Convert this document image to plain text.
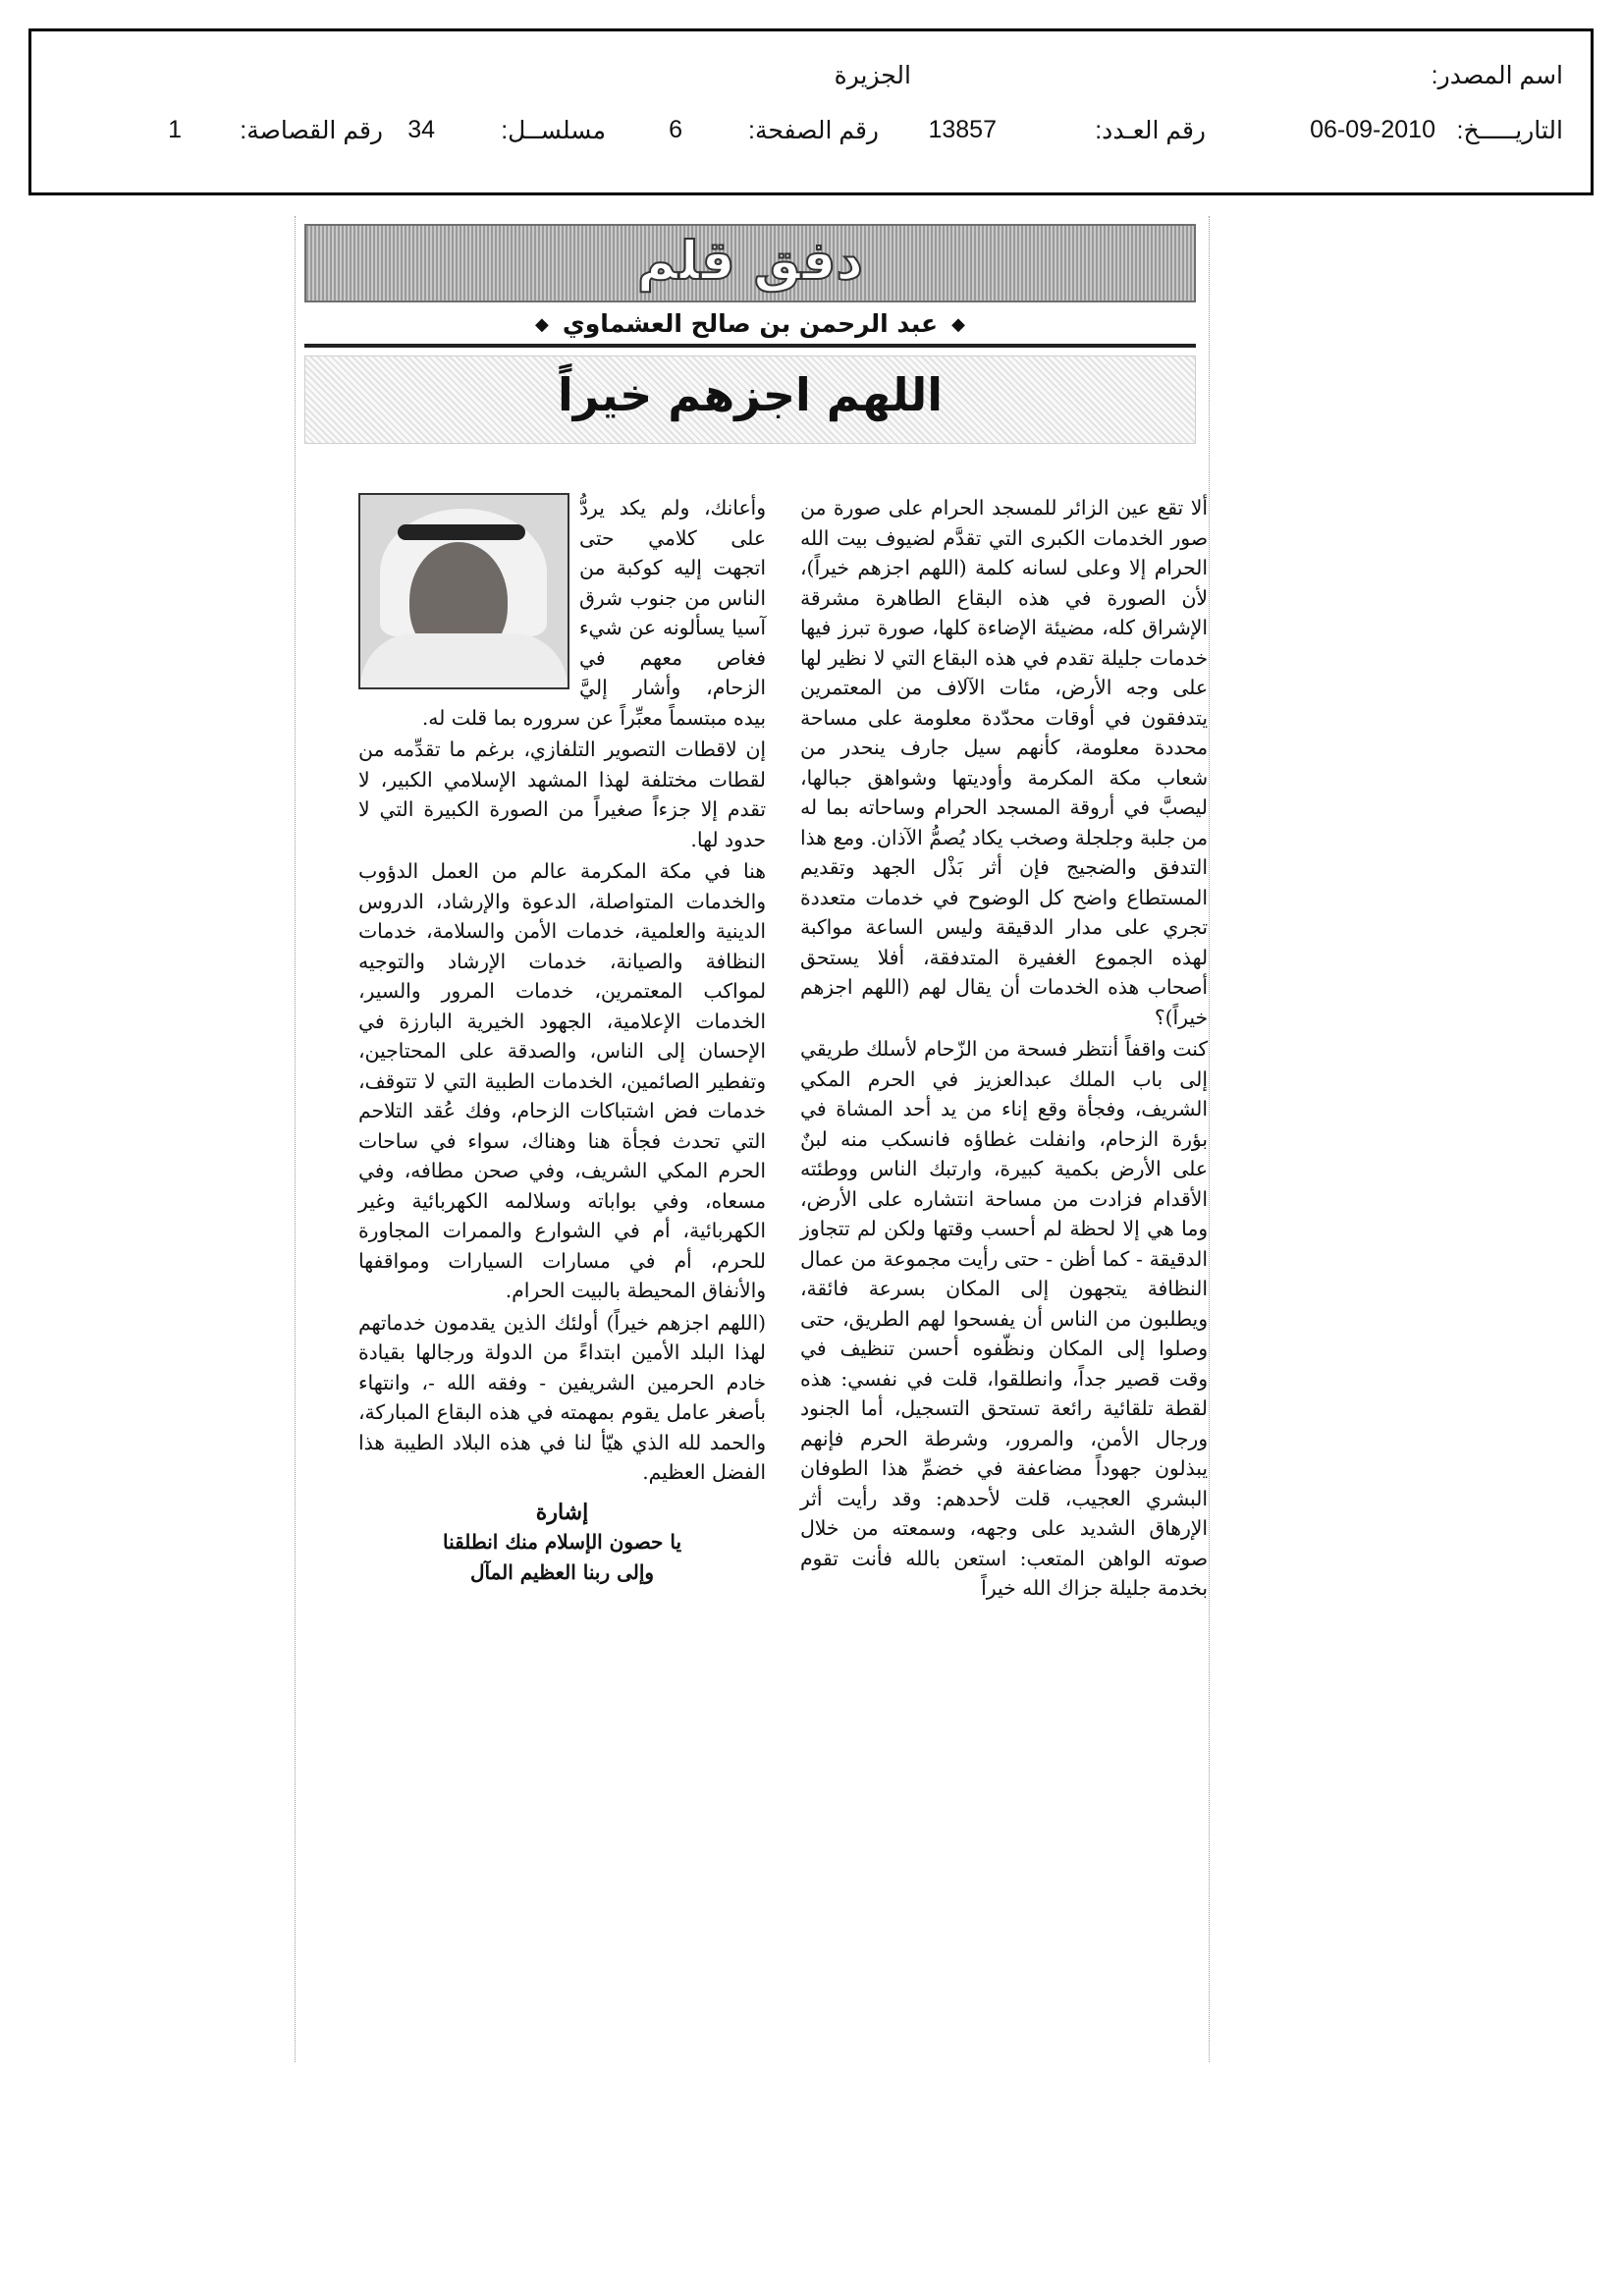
اسم المصدر:
الجزيرة
التاريـــــخ:
06-09-2010
رقم العـدد:
13857
رقم الصفحة:
6
مسلســل:
34
رقم القصاصة:
1
دفق قلم
◆عبد الرحمن بن صالح العشماوي◆
اللهم اجزهم خيراً

ألا تقع عين الزائر للمسجد الحرام على صورة من صور الخدمات الكبرى التي تقدَّم لضيوف بيت الله الحرام إلا وعلى لسانه كلمة (اللهم اجزهم خيراً)، لأن الصورة في هذه البقاع الطاهرة مشرقة الإشراق كله، مضيئة الإضاءة كلها، صورة تبرز فيها خدمات جليلة تقدم في هذه البقاع التي لا نظير لها على وجه الأرض، مئات الآلاف من المعتمرين يتدفقون في أوقات محدّدة معلومة على مساحة محددة معلومة، كأنهم سيل جارف ينحدر من شعاب مكة المكرمة وأوديتها وشواهق جبالها، ليصبَّ في أروقة المسجد الحرام وساحاته بما له من جلبة وجلجلة وصخب يكاد يُصمُّ الآذان. ومع هذا التدفق والضجيج فإن أثر بَذْل الجهد وتقديم المستطاع واضح كل الوضوح في خدمات متعددة تجري على مدار الدقيقة وليس الساعة مواكبة لهذه الجموع الغفيرة المتدفقة، أفلا يستحق أصحاب هذه الخدمات أن يقال لهم (اللهم اجزهم خيراً)؟

كنت واقفاً أنتظر فسحة من الزّحام لأسلك طريقي إلى باب الملك عبدالعزيز في الحرم المكي الشريف، وفجأة وقع إناء من يد أحد المشاة في بؤرة الزحام، وانفلت غطاؤه فانسكب منه لبنٌ على الأرض بكمية كبيرة، وارتبك الناس ووطئته الأقدام فزادت من مساحة انتشاره على الأرض، وما هي إلا لحظة لم أحسب وقتها ولكن لم تتجاوز الدقيقة - كما أظن - حتى رأيت مجموعة من عمال النظافة يتجهون إلى المكان بسرعة فائقة، ويطلبون من الناس أن يفسحوا لهم الطريق، حتى وصلوا إلى المكان ونظّفوه أحسن تنظيف في وقت قصير جداً، وانطلقوا، قلت في نفسي: هذه لقطة تلقائية رائعة تستحق التسجيل، أما الجنود ورجال الأمن، والمرور، وشرطة الحرم فإنهم يبذلون جهوداً مضاعفة في خضمِّ هذا الطوفان البشري العجيب، قلت لأحدهم: وقد رأيت أثر الإرهاق الشديد على وجهه، وسمعته من خلال صوته الواهن المتعب: استعن بالله فأنت تقوم بخدمة جليلة جزاك الله خيراً

وأعانك، ولم يكد يردُّ على كلامي حتى اتجهت إليه كوكبة من الناس من جنوب شرق آسيا يسألونه عن شيء فغاص معهم في الزحام، وأشار إليَّ بيده مبتسماً معبِّراً عن سروره بما قلت له.

إن لاقطات التصوير التلفازي، برغم ما تقدِّمه من لقطات مختلفة لهذا المشهد الإسلامي الكبير، لا تقدم إلا جزءاً صغيراً من الصورة الكبيرة التي لا حدود لها.

هنا في مكة المكرمة عالم من العمل الدؤوب والخدمات المتواصلة، الدعوة والإرشاد، الدروس الدينية والعلمية، خدمات الأمن والسلامة، خدمات النظافة والصيانة، خدمات الإرشاد والتوجيه لمواكب المعتمرين، خدمات المرور والسير، الخدمات الإعلامية، الجهود الخيرية البارزة في الإحسان إلى الناس، والصدقة على المحتاجين، وتفطير الصائمين، الخدمات الطبية التي لا تتوقف، خدمات فض اشتباكات الزحام، وفك عُقد التلاحم التي تحدث فجأة هنا وهناك، سواء في ساحات الحرم المكي الشريف، وفي صحن مطافه، وفي مسعاه، وفي بواباته وسلالمه الكهربائية وغير الكهربائية، أم في الشوارع والممرات المجاورة للحرم، أم في مسارات السيارات ومواقفها والأنفاق المحيطة بالبيت الحرام.

(اللهم اجزهم خيراً) أولئك الذين يقدمون خدماتهم لهذا البلد الأمين ابتداءً من الدولة ورجالها بقيادة خادم الحرمين الشريفين - وفقه الله -، وانتهاء بأصغر عامل يقوم بمهمته في هذه البقاع المباركة، والحمد لله الذي هيّأ لنا في هذه البلاد الطيبة هذا الفضل العظيم.

إشارة
يا حصون الإسلام منك انطلقنا
وإلى ربنا العظيم المآل
